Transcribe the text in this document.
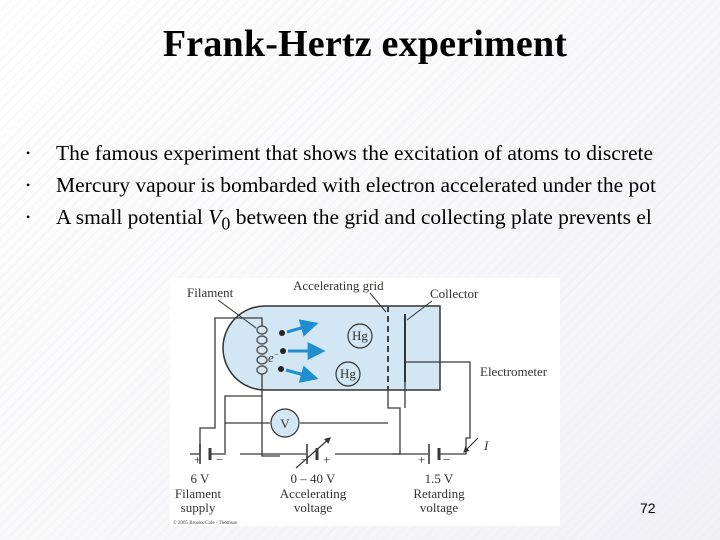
Frank-Hertz experiment
• The famous experiment that shows the excitation of atoms to discrete
• Mercury vapour is bombarded with electron accelerated under the pot
• A small potential $V_0$ between the grid and collecting plate prevents el
e−
Hg
Hg
Filament	Accelerating grid
Collector
V
+ −	− +	+ −
I
Electrometer
6 V
Filament
supply
0 – 40 V
Accelerating
voltage
1.5 V
Retarding
voltage
© 2005 Brooks/Cole - Thomson
72
